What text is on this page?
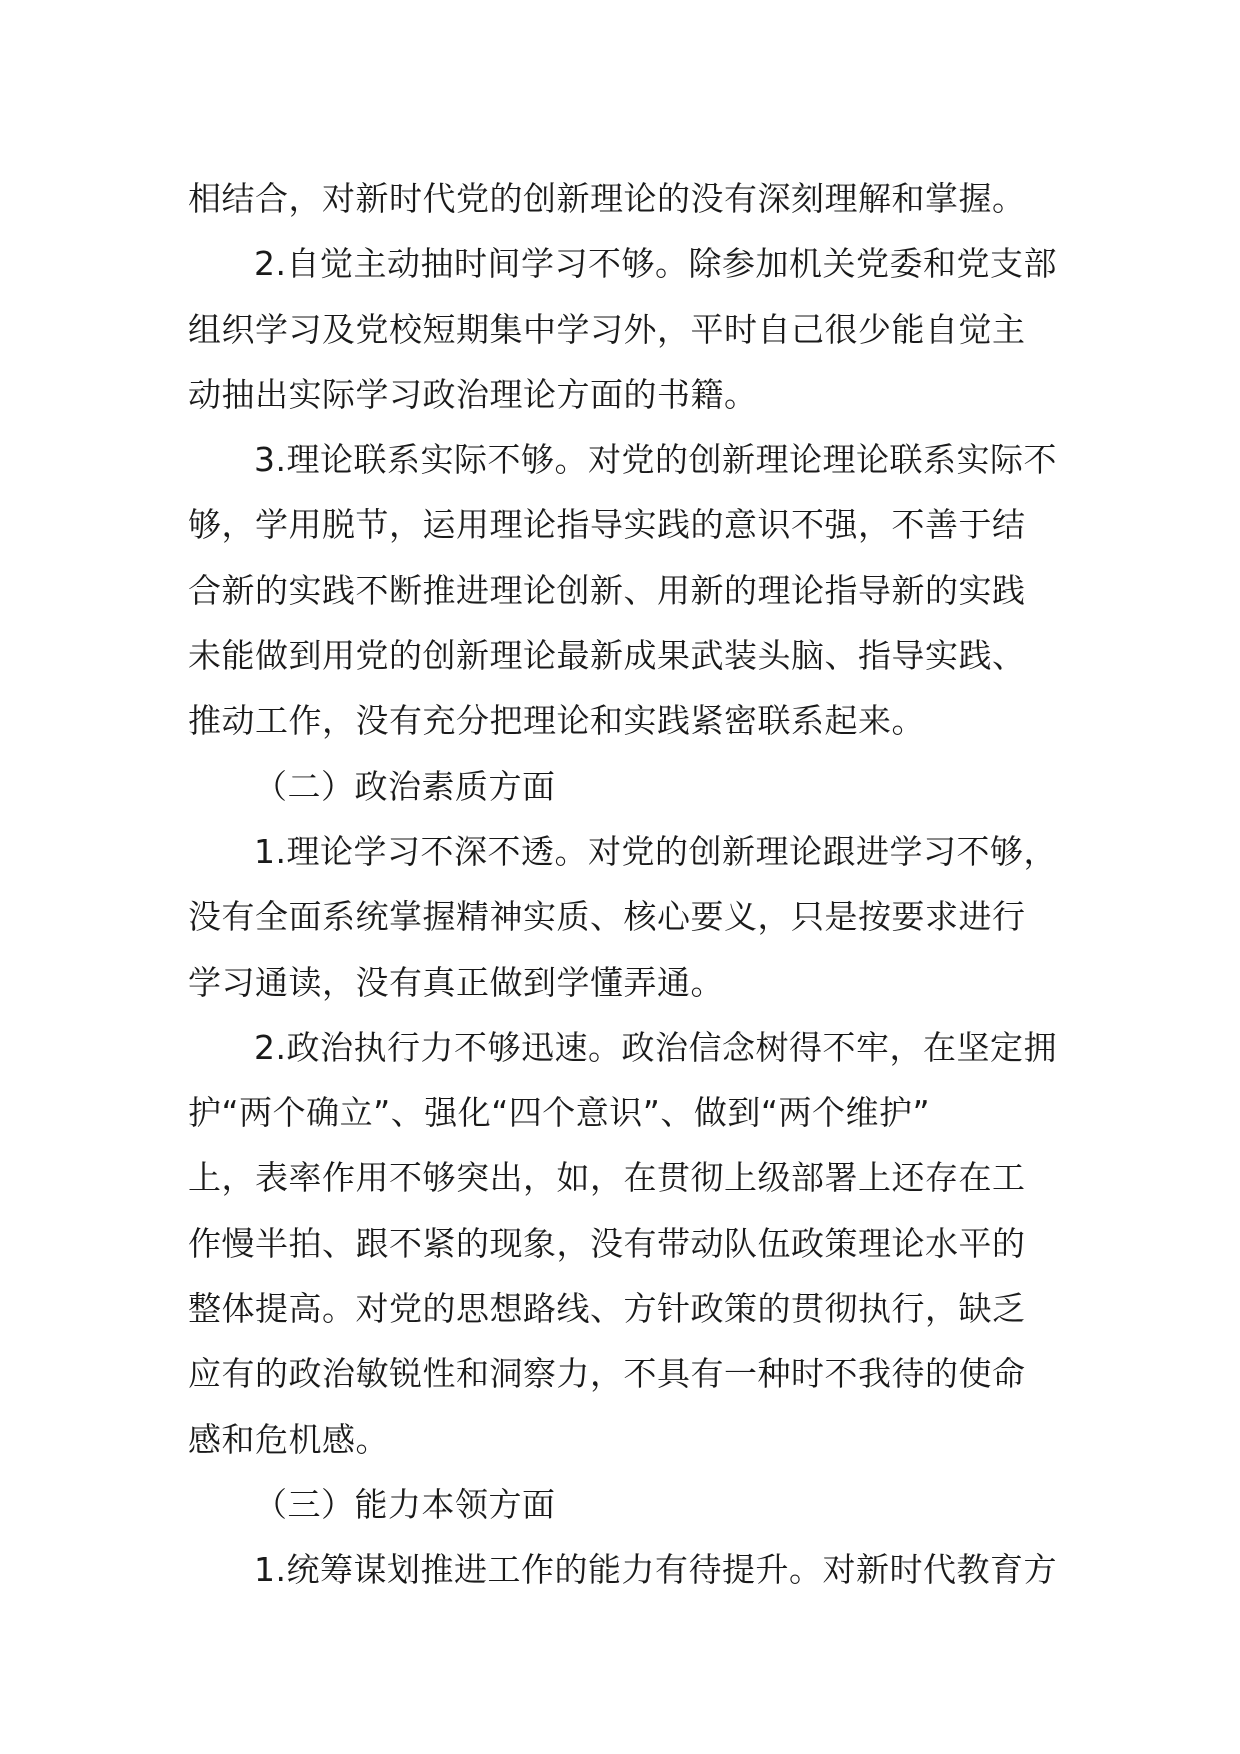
相结合，对新时代党的创新理论的没有深刻理解和掌握。
2.自觉主动抽时间学习不够。除参加机关党委和党支部
组织学习及党校短期集中学习外，平时自己很少能自觉主
动抽出实际学习政治理论方面的书籍。
3.理论联系实际不够。对党的创新理论理论联系实际不
够，学用脱节，运用理论指导实践的意识不强，不善于结
合新的实践不断推进理论创新、用新的理论指导新的实践
未能做到用党的创新理论最新成果武装头脑、指导实践、
推动工作，没有充分把理论和实践紧密联系起来。
（二）政治素质方面
1.理论学习不深不透。对党的创新理论跟进学习不够，
没有全面系统掌握精神实质、核心要义，只是按要求进行
学习通读，没有真正做到学懂弄通。
2.政治执行力不够迅速。政治信念树得不牢，在坚定拥
护“两个确立”、强化“四个意识”、做到“两个维护”
上，表率作用不够突出，如，在贯彻上级部署上还存在工
作慢半拍、跟不紧的现象，没有带动队伍政策理论水平的
整体提高。对党的思想路线、方针政策的贯彻执行，缺乏
应有的政治敏锐性和洞察力，不具有一种时不我待的使命
感和危机感。
（三）能力本领方面
1.统筹谋划推进工作的能力有待提升。对新时代教育方
